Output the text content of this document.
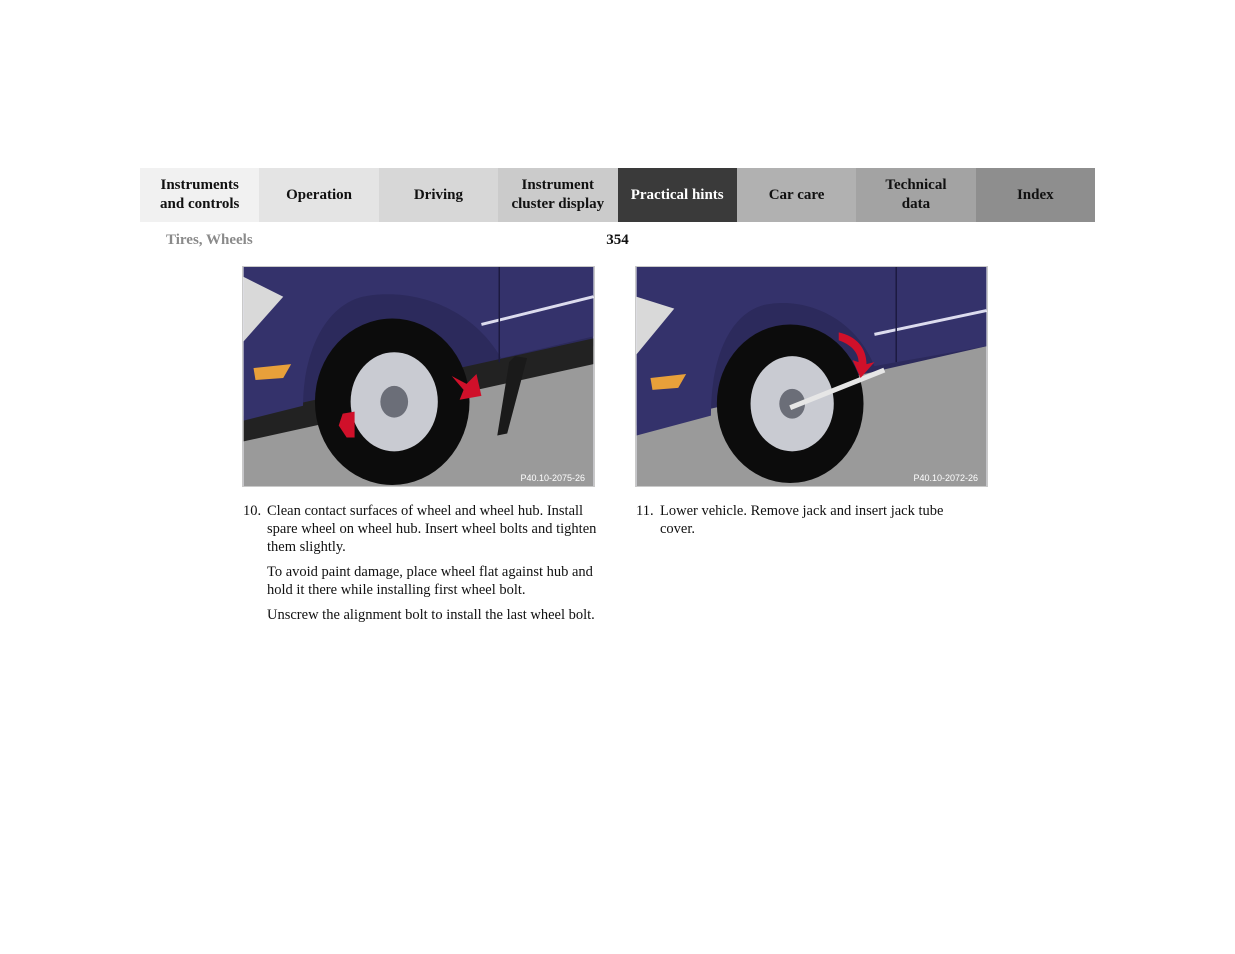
Instruments
and controls
Operation	Driving
Instrument
cluster display
Practical hints	Car care
Technical
data
Index
Tires, Wheels	354
P40.10-2075-26	P40.10-2072-26
10. Clean contact surfaces of wheel and wheel hub. Install spare wheel on wheel hub. Insert wheel bolts and tighten them slightly.

To avoid paint damage, place wheel flat against hub and hold it there while installing first wheel bolt.

Unscrew the alignment bolt to install the last wheel bolt.

11. Lower vehicle. Remove jack and insert jack tube cover.
